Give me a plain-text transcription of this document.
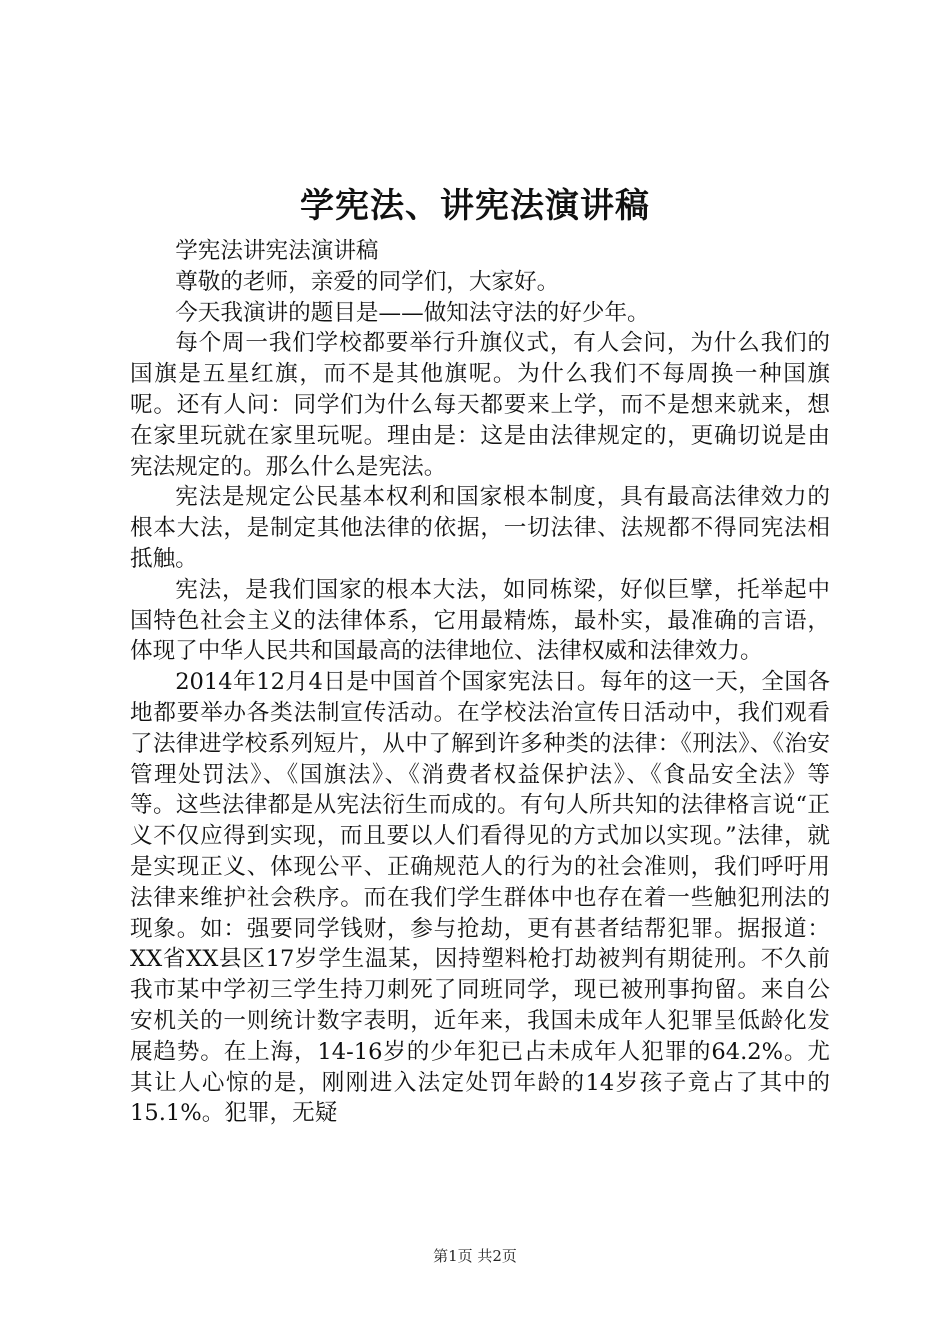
学宪法、讲宪法演讲稿

学宪法讲宪法演讲稿

尊敬的老师，亲爱的同学们，大家好。

今天我演讲的题目是——做知法守法的好少年。

每个周一我们学校都要举行升旗仪式，有人会问，为什么我们的国旗是五星红旗，而不是其他旗呢。为什么我们不每周换一种国旗呢。还有人问：同学们为什么每天都要来上学，而不是想来就来，想在家里玩就在家里玩呢。理由是：这是由法律规定的，更确切说是由宪法规定的。那么什么是宪法。

宪法是规定公民基本权利和国家根本制度，具有最高法律效力的根本大法，是制定其他法律的依据，一切法律、法规都不得同宪法相抵触。

宪法，是我们国家的根本大法，如同栋梁，好似巨擘，托举起中国特色社会主义的法律体系，它用最精炼，最朴实，最准确的言语，体现了中华人民共和国最高的法律地位、法律权威和法律效力。

2014年12月4日是中国首个国家宪法日。每年的这一天，全国各地都要举办各类法制宣传活动。在学校法治宣传日活动中，我们观看了法律进学校系列短片，从中了解到许多种类的法律：《刑法》、《治安管理处罚法》、《国旗法》、《消费者权益保护法》、《食品安全法》等等。这些法律都是从宪法衍生而成的。有句人所共知的法律格言说“正义不仅应得到实现，而且要以人们看得见的方式加以实现。”法律，就是实现正义、体现公平、正确规范人的行为的社会准则，我们呼吁用法律来维护社会秩序。而在我们学生群体中也存在着一些触犯刑法的现象。如：强要同学钱财，参与抢劫，更有甚者结帮犯罪。据报道：XX省XX县区17岁学生温某，因持塑料枪打劫被判有期徒刑。不久前我市某中学初三学生持刀刺死了同班同学，现已被刑事拘留。来自公安机关的一则统计数字表明，近年来，我国未成年人犯罪呈低龄化发展趋势。在上海，14-16岁的少年犯已占未成年人犯罪的64.2%。尤其让人心惊的是，刚刚进入法定处罚年龄的14岁孩子竟占了其中的15.1%。犯罪，无疑

第1页 共2页
